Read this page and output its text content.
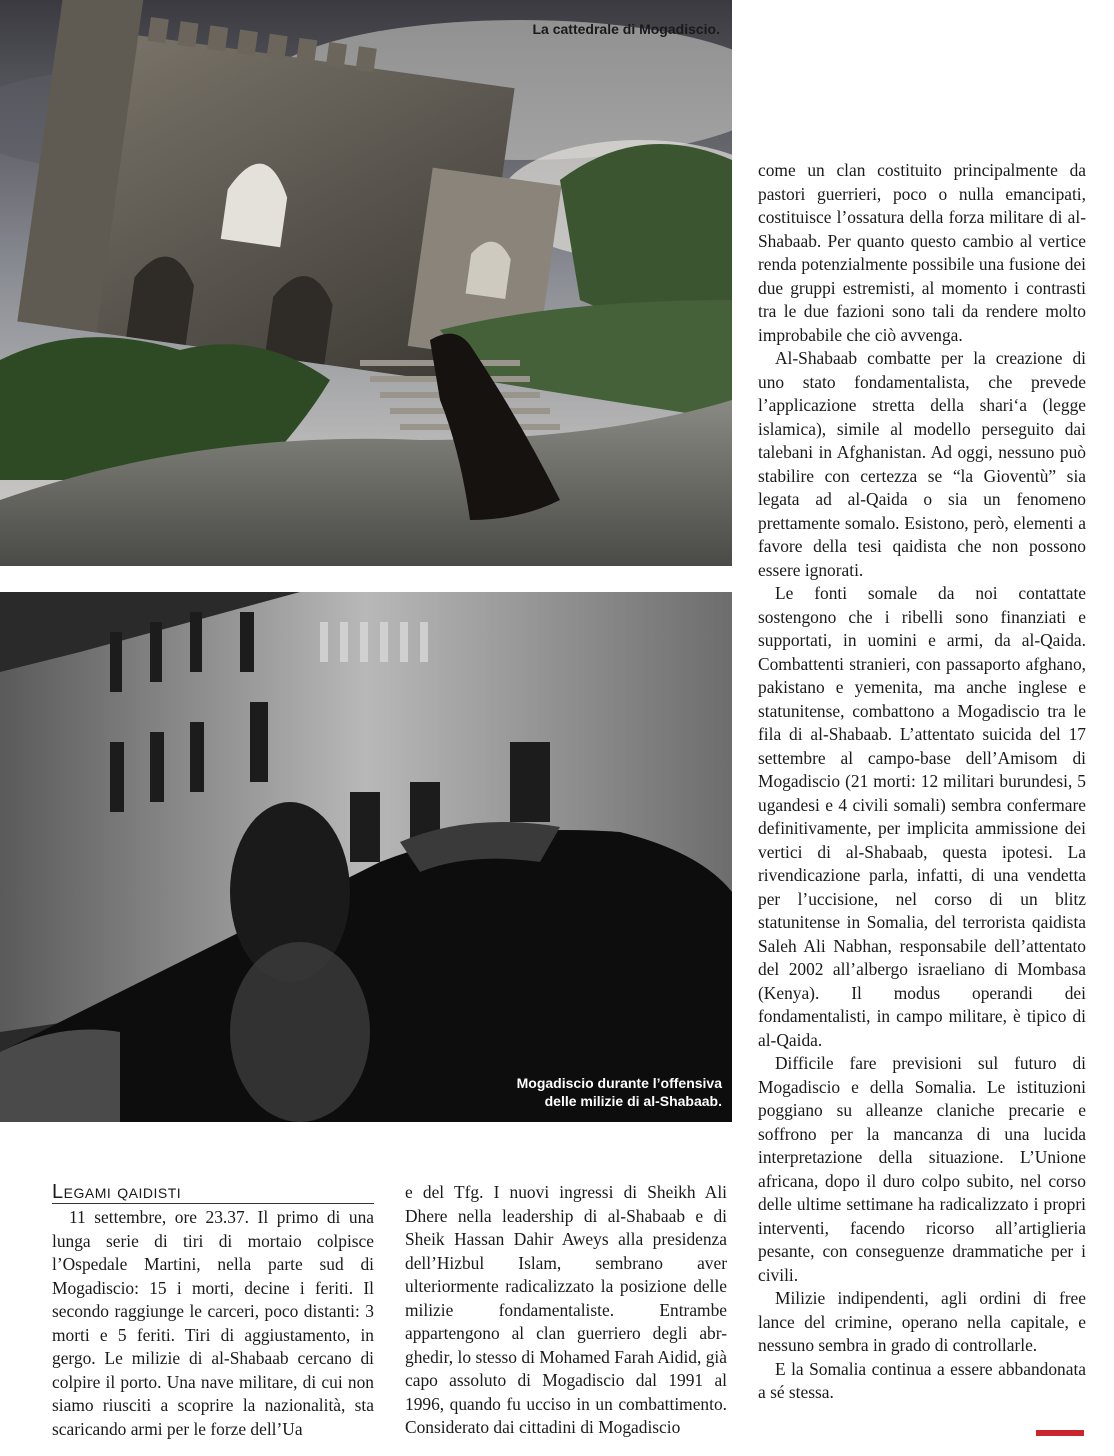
La cattedrale di Mogadiscio.
Mogadiscio durante l’offensiva
delle milizie di al-Shabaab.

come un clan costituito principalmente da pastori guerrieri, poco o nulla emancipati, costituisce l’ossatura della forza militare di al-Shabaab. Per quanto questo cambio al vertice renda potenzialmente possibile una fusione dei due gruppi estremisti, al momento i contrasti tra le due fazioni sono tali da rendere molto improbabile che ciò avvenga.

Al-Shabaab combatte per la creazione di uno stato fondamentalista, che prevede l’applicazione stretta della shari‘a (legge islamica), simile al modello perseguito dai talebani in Afghanistan. Ad oggi, nessuno può stabilire con certezza se “la Gioventù” sia legata ad al-Qaida o sia un fenomeno prettamente somalo. Esistono, però, elementi a favore della tesi qaidista che non possono essere ignorati.

Le fonti somale da noi contattate sostengono che i ribelli sono finanziati e supportati, in uomini e armi, da al-Qaida. Combattenti stranieri, con passaporto afghano, pakistano e yemenita, ma anche inglese e statunitense, combattono a Mogadiscio tra le fila di al-Shabaab. L’attentato suicida del 17 settembre al campo-base dell’Amisom di Mogadiscio (21 morti: 12 militari burundesi, 5 ugandesi e 4 civili somali) sembra confermare definitivamente, per implicita ammissione dei vertici di al-Shabaab, questa ipotesi. La rivendicazione parla, infatti, di una vendetta per l’uccisione, nel corso di un blitz statunitense in Somalia, del terrorista qaidista Saleh Ali Nabhan, responsabile dell’attentato del 2002 all’albergo israeliano di Mombasa (Kenya). Il modus operandi dei fondamentalisti, in campo militare, è tipico di al-Qaida.

Difficile fare previsioni sul futuro di Mogadiscio e della Somalia. Le istituzioni poggiano su alleanze claniche precarie e soffrono per la mancanza di una lucida interpretazione della situazione. L’Unione africana, dopo il duro colpo subito, nel corso delle ultime settimane ha radicalizzato i propri interventi, facendo ricorso all’artiglieria pesante, con conseguenze drammatiche per i civili.

Milizie indipendenti, agli ordini di free lance del crimine, operano nella capitale, e nessuno sembra in grado di controllarle.

E la Somalia continua a essere abbandonata a sé stessa.

Legami qaidisti

11 settembre, ore 23.37. Il primo di una lunga serie di tiri di mortaio colpisce l’Ospedale Martini, nella parte sud di Mogadiscio: 15 i morti, decine i feriti. Il secondo raggiunge le carceri, poco distanti: 3 morti e 5 feriti. Tiri di aggiustamento, in gergo. Le milizie di al-Shabaab cercano di colpire il porto. Una nave militare, di cui non siamo riusciti a scoprire la nazionalità, sta scaricando armi per le forze dell’Ua

e del Tfg. I nuovi ingressi di Sheikh Ali Dhere nella leadership di al-Shabaab e di Sheik Hassan Dahir Aweys alla presidenza dell’Hizbul Islam, sembrano aver ulteriormente radicalizzato la posizione delle milizie fondamentaliste. Entrambe appartengono al clan guerriero degli abr-ghedir, lo stesso di Mohamed Farah Aidid, già capo assoluto di Mogadiscio dal 1991 al 1996, quando fu ucciso in un combattimento. Considerato dai cittadini di Mogadiscio
